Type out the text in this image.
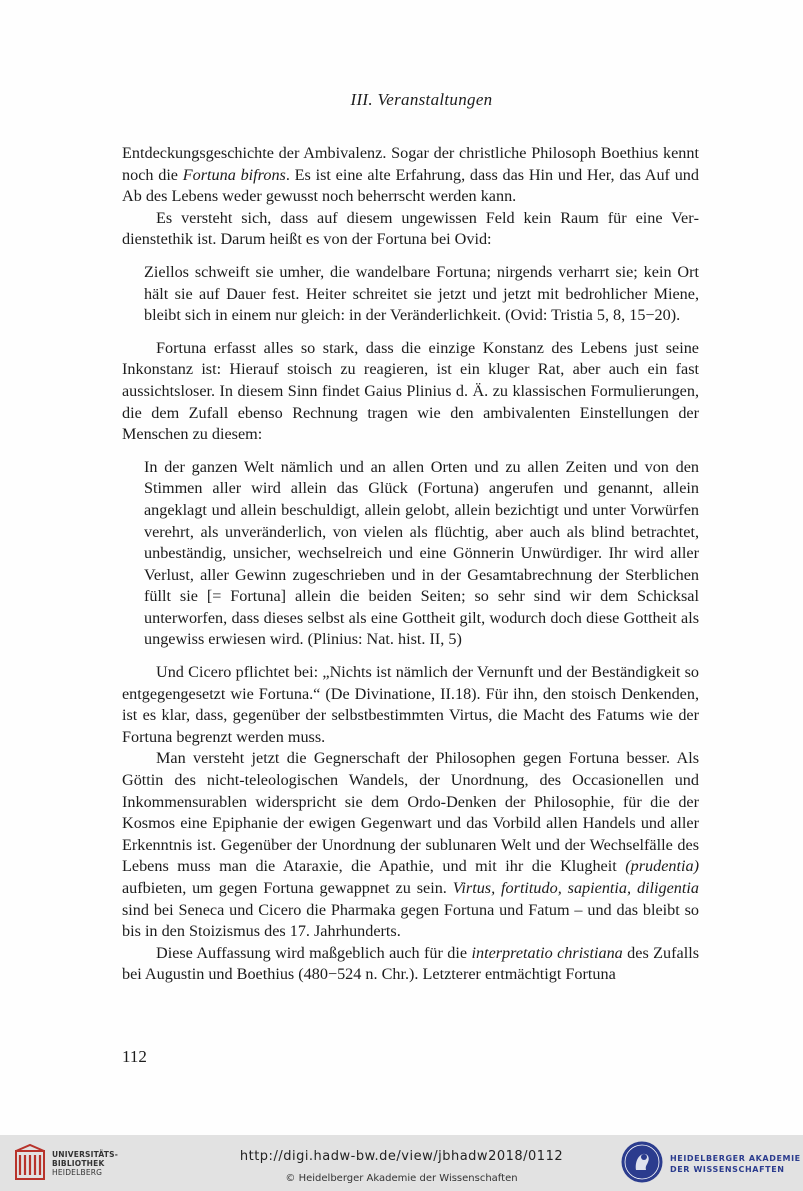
III. Veranstaltungen

Entdeckungsgeschichte der Ambivalenz. Sogar der christliche Philosoph Boethius kennt noch die Fortuna bifrons. Es ist eine alte Erfahrung, dass das Hin und Her, das Auf und Ab des Lebens weder gewusst noch beherrscht werden kann.

Es versteht sich, dass auf diesem ungewissen Feld kein Raum für eine Verdienstethik ist. Darum heißt es von der Fortuna bei Ovid:

Ziellos schweift sie umher, die wandelbare Fortuna; nirgends verharrt sie; kein Ort hält sie auf Dauer fest. Heiter schreitet sie jetzt und jetzt mit bedrohlicher Miene, bleibt sich in einem nur gleich: in der Veränderlichkeit. (Ovid: Tristia 5, 8, 15−20).

Fortuna erfasst alles so stark, dass die einzige Konstanz des Lebens just seine Inkonstanz ist: Hierauf stoisch zu reagieren, ist ein kluger Rat, aber auch ein fast aussichtsloser. In diesem Sinn findet Gaius Plinius d. Ä. zu klassischen Formulierungen, die dem Zufall ebenso Rechnung tragen wie den ambivalenten Einstellungen der Menschen zu diesem:

In der ganzen Welt nämlich und an allen Orten und zu allen Zeiten und von den Stimmen aller wird allein das Glück (Fortuna) angerufen und genannt, allein angeklagt und allein beschuldigt, allein gelobt, allein bezichtigt und unter Vorwürfen verehrt, als unveränderlich, von vielen als flüchtig, aber auch als blind betrachtet, unbeständig, unsicher, wechselreich und eine Gönnerin Unwürdiger. Ihr wird aller Verlust, aller Gewinn zugeschrieben und in der Gesamtabrechnung der Sterblichen füllt sie [= Fortuna] allein die beiden Seiten; so sehr sind wir dem Schicksal unterworfen, dass dieses selbst als eine Gottheit gilt, wodurch doch diese Gottheit als ungewiss erwiesen wird. (Plinius: Nat. hist. II, 5)

Und Cicero pflichtet bei: „Nichts ist nämlich der Vernunft und der Beständigkeit so entgegengesetzt wie Fortuna.“ (De Divinatione, II.18). Für ihn, den stoisch Denkenden, ist es klar, dass, gegenüber der selbstbestimmten Virtus, die Macht des Fatums wie der Fortuna begrenzt werden muss.

Man versteht jetzt die Gegnerschaft der Philosophen gegen Fortuna besser. Als Göttin des nicht-teleologischen Wandels, der Unordnung, des Occasionellen und Inkommensurablen widerspricht sie dem Ordo-Denken der Philosophie, für die der Kosmos eine Epiphanie der ewigen Gegenwart und das Vorbild allen Handels und aller Erkenntnis ist. Gegenüber der Unordnung der sublunaren Welt und der Wechselfälle des Lebens muss man die Ataraxie, die Apathie, und mit ihr die Klugheit (prudentia) aufbieten, um gegen Fortuna gewappnet zu sein. Virtus, fortitudo, sapientia, diligentia sind bei Seneca und Cicero die Pharmaka gegen Fortuna und Fatum – und das bleibt so bis in den Stoizismus des 17. Jahrhunderts.

Diese Auffassung wird maßgeblich auch für die interpretatio christiana des Zufalls bei Augustin und Boethius (480−524 n. Chr.). Letzterer entmächtigt Fortuna

112
UNIVERSITÄTS-
BIBLIOTHEK
HEIDELBERG
http://digi.hadw-bw.de/view/jbhadw2018/0112
© Heidelberger Akademie der Wissenschaften
HEIDELBERGER AKADEMIE
DER WISSENSCHAFTEN
